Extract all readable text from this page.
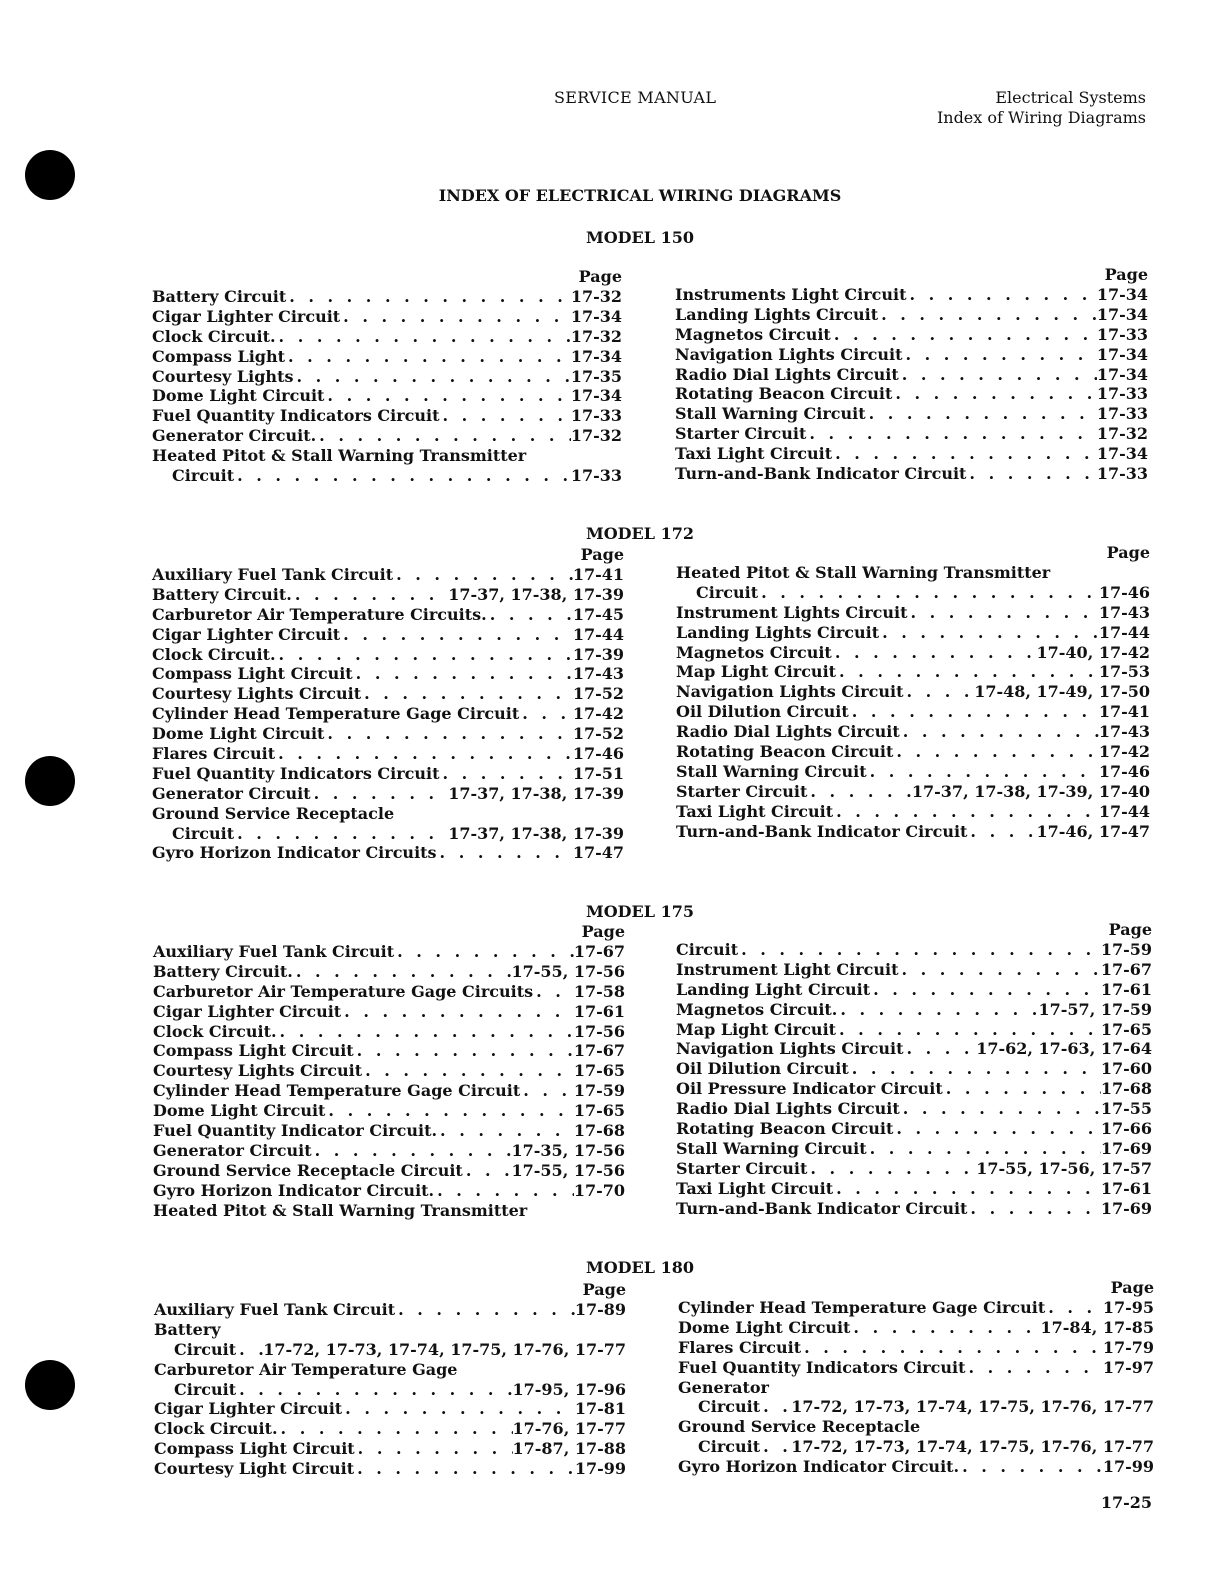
SERVICE MANUAL	Electrical Systems
Index of Wiring Diagrams
INDEX OF ELECTRICAL WIRING DIAGRAMS
MODEL 150
Page
Battery Circuit . . .	17-32
Cigar Lighter Circuit . . .	17-34
Clock Circuit. . . .	17-32
Compass Light . . .	17-34
Courtesy Lights . . .	17-35
Dome Light Circuit . . .	17-34
Fuel Quantity Indicators Circuit . . .	17-33
Generator Circuit. . . .	17-32
Heated Pitot & Stall Warning Transmitter
Circuit . . .	17-33
Page
Instruments Light Circuit . . .	17-34
Landing Lights Circuit . . .	17-34
Magnetos Circuit . . .	17-33
Navigation Lights Circuit . . .	17-34
Radio Dial Lights Circuit . . .	17-34
Rotating Beacon Circuit . . .	17-33
Stall Warning Circuit . . .	17-33
Starter Circuit . . .	17-32
Taxi Light Circuit . . .	17-34
Turn-and-Bank Indicator Circuit . . .	17-33
MODEL 172
Page
Auxiliary Fuel Tank Circuit . . .	17-41
Battery Circuit. . . .	17-37, 17-38, 17-39
Carburetor Air Temperature Circuits. . . .	17-45
Cigar Lighter Circuit . . .	17-44
Clock Circuit. . . .	17-39
Compass Light Circuit . . .	17-43
Courtesy Lights Circuit . . .	17-52
Cylinder Head Temperature Gage Circuit . . .	17-42
Dome Light Circuit . . .	17-52
Flares Circuit . . .	17-46
Fuel Quantity Indicators Circuit . . .	17-51
Generator Circuit . . .	17-37, 17-38, 17-39
Ground Service Receptacle
Circuit . . .	17-37, 17-38, 17-39
Gyro Horizon Indicator Circuits . . .	17-47
Page
Heated Pitot & Stall Warning Transmitter
Circuit . . .	17-46
Instrument Lights Circuit . . .	17-43
Landing Lights Circuit . . .	17-44
Magnetos Circuit . . .	17-40, 17-42
Map Light Circuit . . .	17-53
Navigation Lights Circuit . . .	17-48, 17-49, 17-50
Oil Dilution Circuit . . .	17-41
Radio Dial Lights Circuit . . .	17-43
Rotating Beacon Circuit . . .	17-42
Stall Warning Circuit . . .	17-46
Starter Circuit . . .	17-37, 17-38, 17-39, 17-40
Taxi Light Circuit . . .	17-44
Turn-and-Bank Indicator Circuit . . .	17-46, 17-47
MODEL 175
Page
Auxiliary Fuel Tank Circuit . . .	17-67
Battery Circuit. . . .	17-55, 17-56
Carburetor Air Temperature Gage Circuits . . .	17-58
Cigar Lighter Circuit . . .	17-61
Clock Circuit. . . .	17-56
Compass Light Circuit . . .	17-67
Courtesy Lights Circuit . . .	17-65
Cylinder Head Temperature Gage Circuit . . .	17-59
Dome Light Circuit . . .	17-65
Fuel Quantity Indicator Circuit. . . .	17-68
Generator Circuit . . .	17-35, 17-56
Ground Service Receptacle Circuit . . .	17-55, 17-56
Gyro Horizon Indicator Circuit. . . .	17-70
Heated Pitot & Stall Warning Transmitter
Page
Circuit . . .	17-59
Instrument Light Circuit . . .	17-67
Landing Light Circuit . . .	17-61
Magnetos Circuit. . . .	17-57, 17-59
Map Light Circuit . . .	17-65
Navigation Lights Circuit . . .	17-62, 17-63, 17-64
Oil Dilution Circuit . . .	17-60
Oil Pressure Indicator Circuit . . .	17-68
Radio Dial Lights Circuit . . .	17-55
Rotating Beacon Circuit . . .	17-66
Stall Warning Circuit . . .	17-69
Starter Circuit . . .	17-55, 17-56, 17-57
Taxi Light Circuit . . .	17-61
Turn-and-Bank Indicator Circuit . . .	17-69
MODEL 180
Page
Auxiliary Fuel Tank Circuit . . .	17-89
Battery
Circuit . . . 17-72, 17-73, 17-74, 17-75, 17-76, 17-77
Carburetor Air Temperature Gage
Circuit . . .	17-95, 17-96
Cigar Lighter Circuit . . .	17-81
Clock Circuit. . . .	17-76, 17-77
Compass Light Circuit . . .	17-87, 17-88
Courtesy Light Circuit . . .	17-99
Page
Cylinder Head Temperature Gage Circuit . . .	17-95
Dome Light Circuit . . .	17-84, 17-85
Flares Circuit . . .	17-79
Fuel Quantity Indicators Circuit . . .	17-97
Generator
Circuit . . . 17-72, 17-73, 17-74, 17-75, 17-76, 17-77
Ground Service Receptacle
Circuit . . . 17-72, 17-73, 17-74, 17-75, 17-76, 17-77
Gyro Horizon Indicator Circuit. . . .	17-99
17-25
